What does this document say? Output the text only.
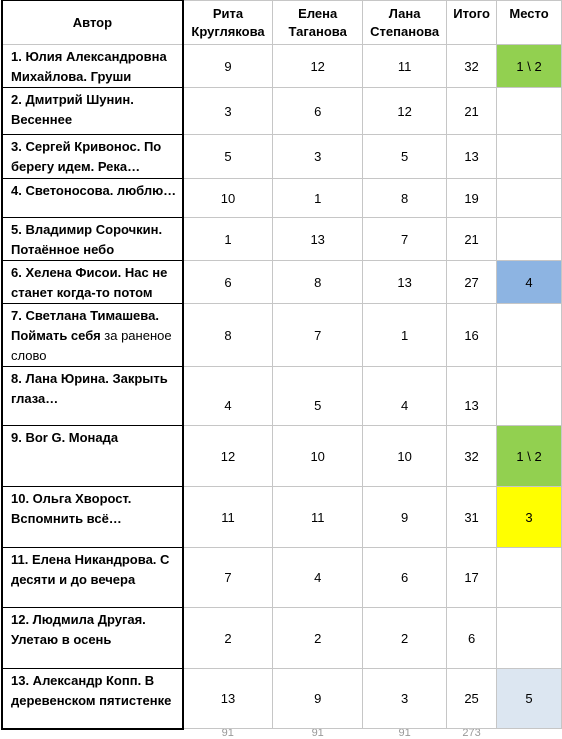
Автор	Рита Круглякова	Елена Таганова	Лана Степанова	Итого	Место
1. Юлия Александровна Михайлова. Груши	9	12	11	32	1 \ 2
2. Дмитрий Шунин. Весеннее	3	6	12	21	
3. Сергей Кривонос. По берегу идем. Река…	5	3	5	13	
4. Светоносова. люблю…	10	1	8	19	
5. Владимир Сорочкин. Потаённое небо	1	13	7	21	
6. Хелена Фисои. Нас не станет когда-то потом	6	8	13	27	4
7. Светлана Тимашева. Поймать себя за раненое слово	8	7	1	16	
8. Лана Юрина. Закрыть глаза…	4	5	4	13	
9. Bor G. Монада	12	10	10	32	1 \ 2
10. Ольга Хворост. Вспомнить всё…	11	11	9	31	3
11. Елена Никандрова. С десяти и до вечера	7	4	6	17	
12. Людмила Другая. Улетаю в осень	2	2	2	6	
13. Александр Копп. В деревенском пятистенке	13	9	3	25	5
	91	91	91	273	
